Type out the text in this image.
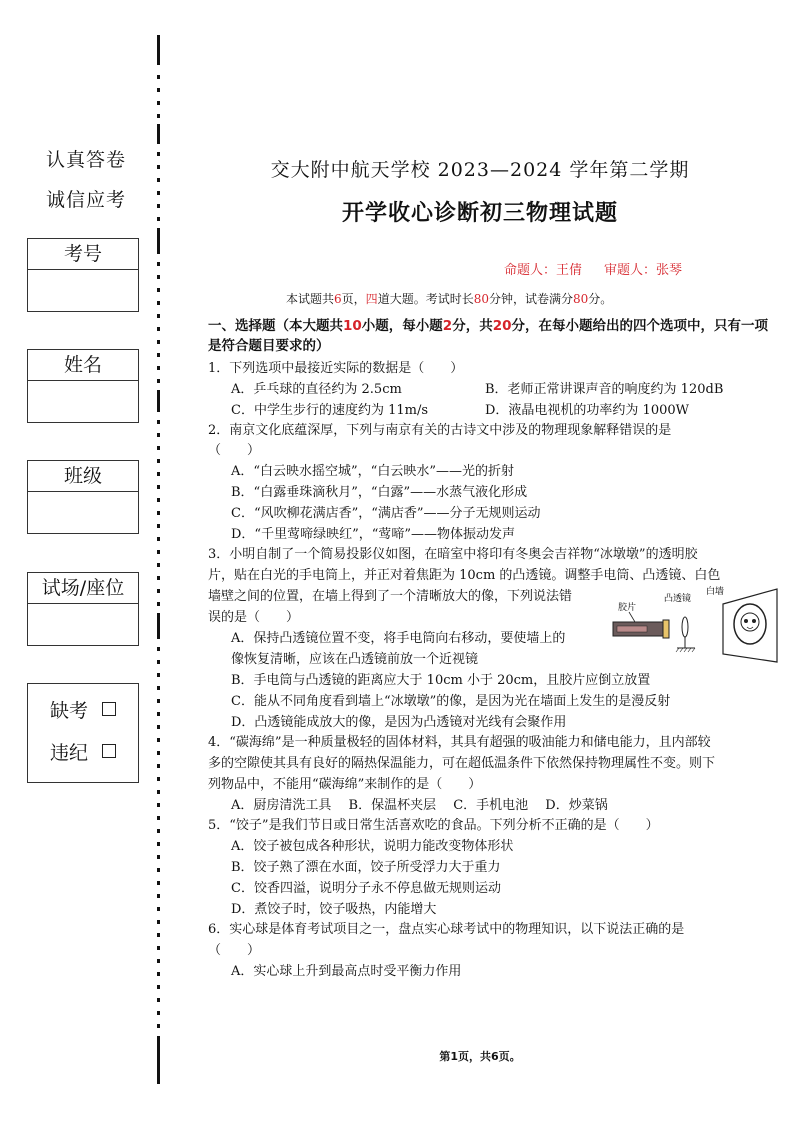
认真答卷
诚信应考
考号
姓名
班级
试场/座位
缺考
违纪
交大附中航天学校 2023—2024 学年第二学期
开学收心诊断初三物理试题
命题人：王倩 审题人：张琴
本试题共6页，四道大题。考试时长80分钟，试卷满分80分。
一、选择题（本大题共10小题，每小题2分，共20分，在每小题给出的四个选项中，只有一项是符合题目要求的）
1．下列选项中最接近实际的数据是（　　）
A．乒乓球的直径约为 2.5cm	B．老师正常讲课声音的响度约为 120dB
C．中学生步行的速度约为 11m/s	D．液晶电视机的功率约为 1000W
2．南京文化底蕴深厚，下列与南京有关的古诗文中涉及的物理现象解释错误的是
（　　）
A．“白云映水摇空城”，“白云映水”——光的折射
B．“白露垂珠滴秋月”，“白露”——水蒸气液化形成
C．“风吹柳花满店香”，“满店香”——分子无规则运动
D．“千里莺啼绿映红”，“莺啼”——物体振动发声
3．小明自制了一个简易投影仪如图，在暗室中将印有冬奥会吉祥物“冰墩墩”的透明胶
片，贴在白光的手电筒上，并正对着焦距为 10cm 的凸透镜。调整手电筒、凸透镜、白色
墙壁之间的位置，在墙上得到了一个清晰放大的像，下列说法错
误的是（　　）
A．保持凸透镜位置不变，将手电筒向右移动，要使墙上的
像恢复清晰，应该在凸透镜前放一个近视镜
B．手电筒与凸透镜的距离应大于 10cm 小于 20cm，且胶片应倒立放置
C．能从不同角度看到墙上“冰墩墩”的像，是因为光在墙面上发生的是漫反射
D．凸透镜能成放大的像，是因为凸透镜对光线有会聚作用
胶片
凸透镜
白墙
4．“碳海绵”是一种质量极轻的固体材料，其具有超强的吸油能力和储电能力，且内部较
多的空隙使其具有良好的隔热保温能力，可在超低温条件下依然保持物理属性不变。则下
列物品中，不能用“碳海绵”来制作的是（　　）
A．厨房清洗工具　 B．保温杯夹层　 C．手机电池　 D．炒菜锅
5．“饺子”是我们节日或日常生活喜欢吃的食品。下列分析不正确的是（　　）
A．饺子被包成各种形状，说明力能改变物体形状
B．饺子熟了漂在水面，饺子所受浮力大于重力
C．饺香四溢，说明分子永不停息做无规则运动
D．煮饺子时，饺子吸热，内能增大
6．实心球是体育考试项目之一，盘点实心球考试中的物理知识，以下说法正确的是
（　　）
A．实心球上升到最高点时受平衡力作用
第1页，共6页。
